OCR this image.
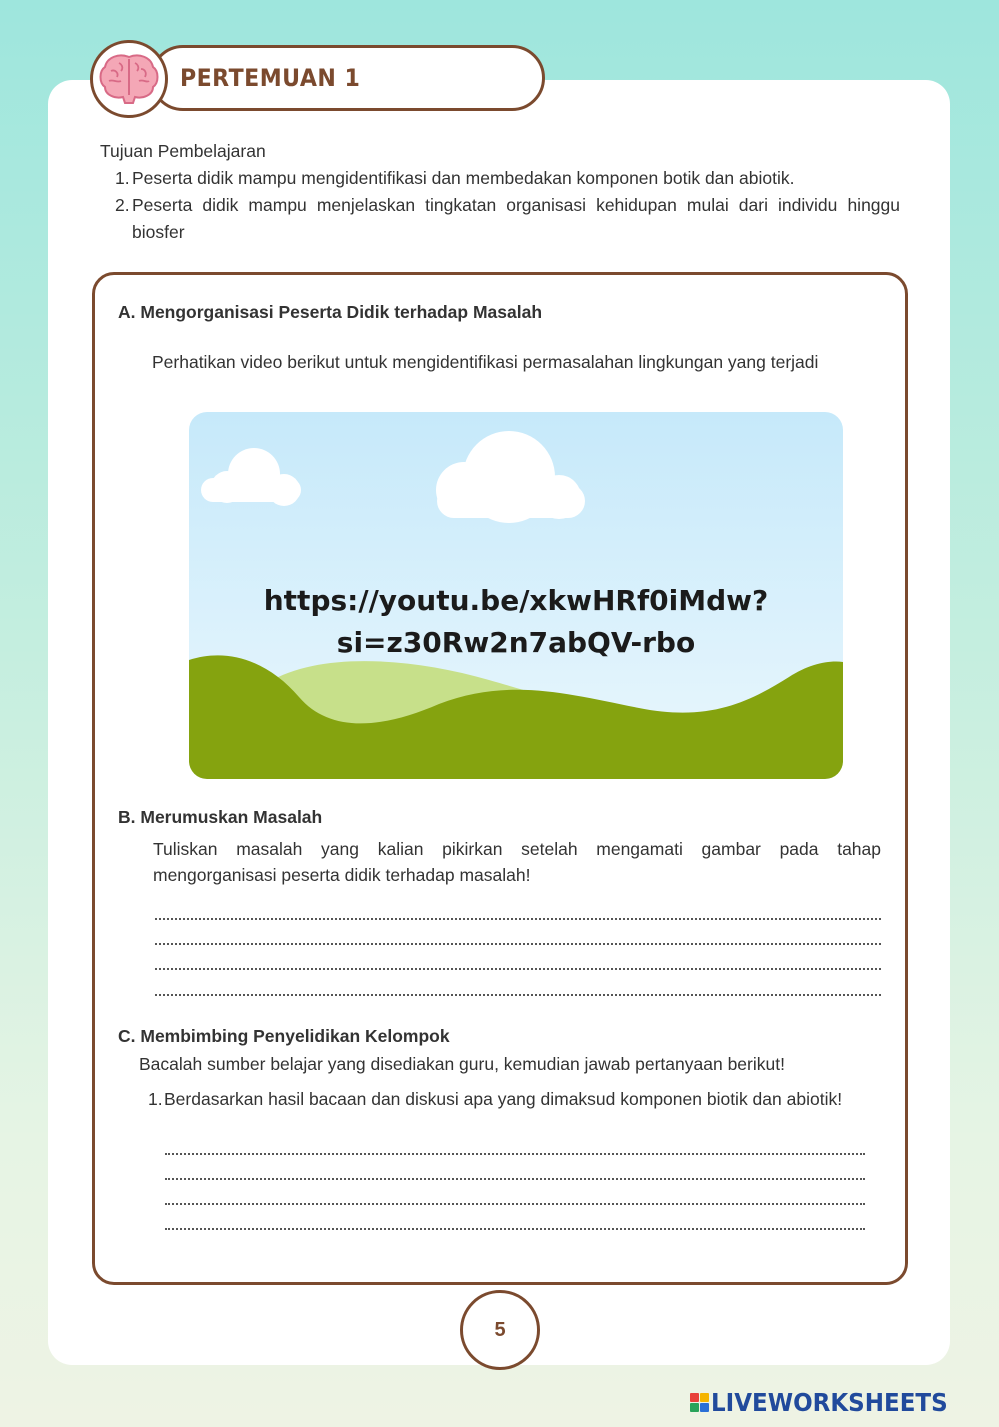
PERTEMUAN 1
Tujuan Pembelajaran
1. Peserta didik mampu mengidentifikasi dan membedakan komponen botik dan abiotik.
2. Peserta didik mampu menjelaskan tingkatan organisasi kehidupan mulai dari individu hinggu biosfer
A. Mengorganisasi Peserta Didik terhadap Masalah
Perhatikan video berikut untuk mengidentifikasi permasalahan lingkungan yang terjadi
https://youtu.be/xkwHRf0iMdw?
si=z30Rw2n7abQV-rbo
B. Merumuskan Masalah
Tuliskan masalah yang kalian pikirkan setelah mengamati gambar pada tahap mengorganisasi peserta didik terhadap masalah!
C. Membimbing Penyelidikan Kelompok
Bacalah sumber belajar yang disediakan guru, kemudian jawab pertanyaan berikut!
1. Berdasarkan hasil bacaan dan diskusi apa yang dimaksud komponen biotik dan abiotik!
5
LIVEWORKSHEETS
